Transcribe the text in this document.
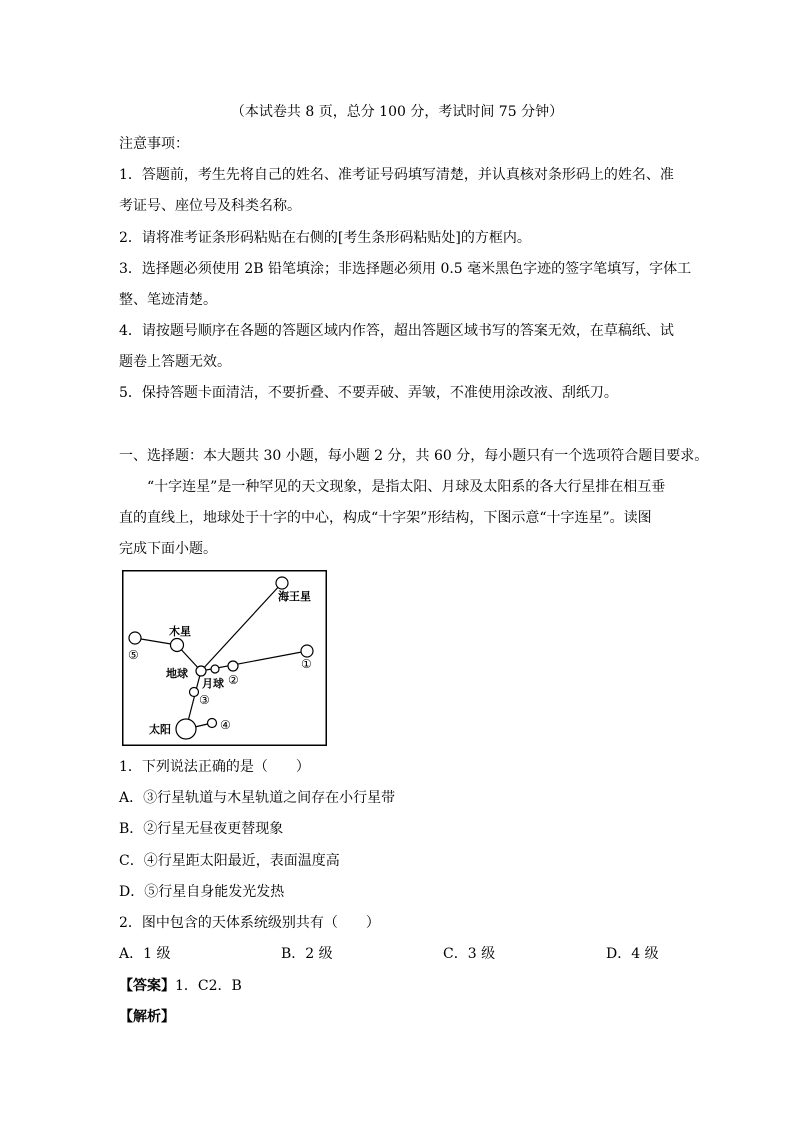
（本试卷共 8 页，总分 100 分，考试时间 75 分钟）
注意事项：
1．答题前，考生先将自己的姓名、准考证号码填写清楚，并认真核对条形码上的姓名、准
考证号、座位号及科类名称。
2．请将准考证条形码粘贴在右侧的[考生条形码粘贴处]的方框内。
3．选择题必须使用 2B 铅笔填涂；非选择题必须用 0.5 毫米黑色字迹的签字笔填写，字体工
整、笔迹清楚。
4．请按题号顺序在各题的答题区域内作答，超出答题区域书写的答案无效，在草稿纸、试
题卷上答题无效。
5．保持答题卡面清洁，不要折叠、不要弄破、弄皱，不准使用涂改液、刮纸刀。
一、选择题：本大题共 30 小题，每小题 2 分，共 60 分，每小题只有一个选项符合题目要求。
“十字连星”是一种罕见的天文现象，是指太阳、月球及太阳系的各大行星排在相互垂
直的直线上，地球处于十字的中心，构成“十字架”形结构，下图示意“十字连星”。读图
完成下面小题。
海王星
木星
⑤
①
地球
月球 ②
③
太阳	④
1．下列说法正确的是（　　）
A．③行星轨道与木星轨道之间存在小行星带
B．②行星无昼夜更替现象
C．④行星距太阳最近，表面温度高
D．⑤行星自身能发光发热
2．图中包含的天体系统级别共有（　　）
A．1 级	B．2 级	C．3 级	D．4 级
【答案】1．C2．B
【解析】
